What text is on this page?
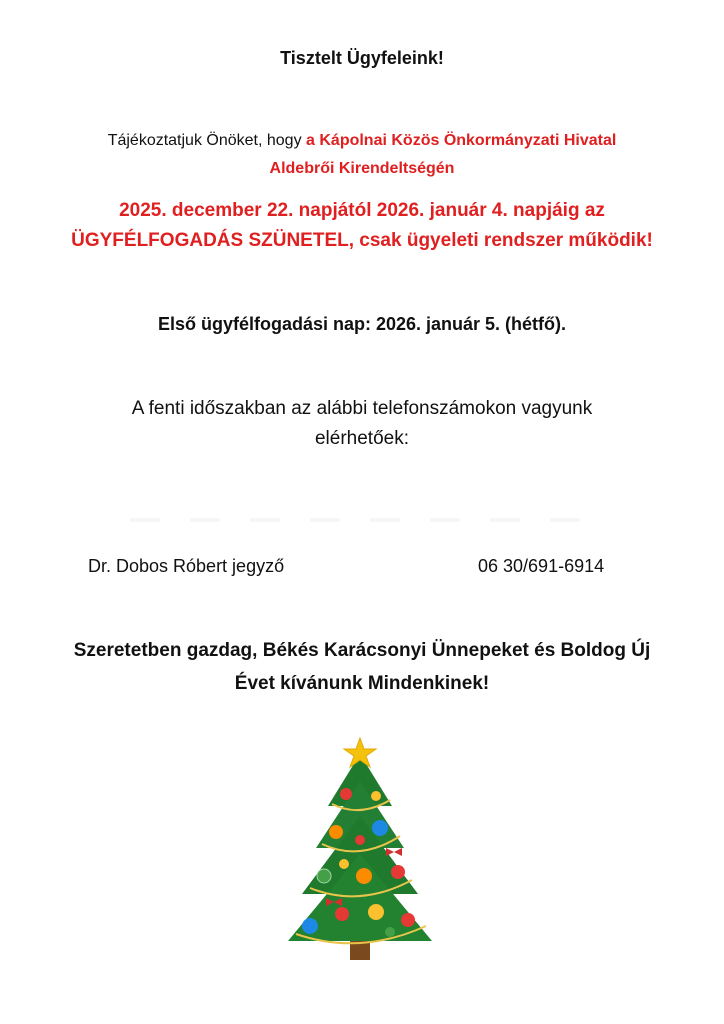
Tisztelt Ügyfeleink!
Tájékoztatjuk Önöket, hogy a Kápolnai Közös Önkormányzati Hivatal
Aldebrői Kirendeltségén
2025. december 22. napjától 2026. január 4. napjáig az
ÜGYFÉLFOGADÁS SZÜNETEL, csak ügyeleti rendszer működik!
Első ügyfélfogadási nap: 2026. január 5. (hétfő).
A fenti időszakban az alábbi telefonszámokon vagyunk
elérhetőek:
Dr. Dobos Róbert jegyző	06 30/691-6914
Szeretetben gazdag, Békés Karácsonyi Ünnepeket és Boldog Új
Évet kívánunk Mindenkinek!
